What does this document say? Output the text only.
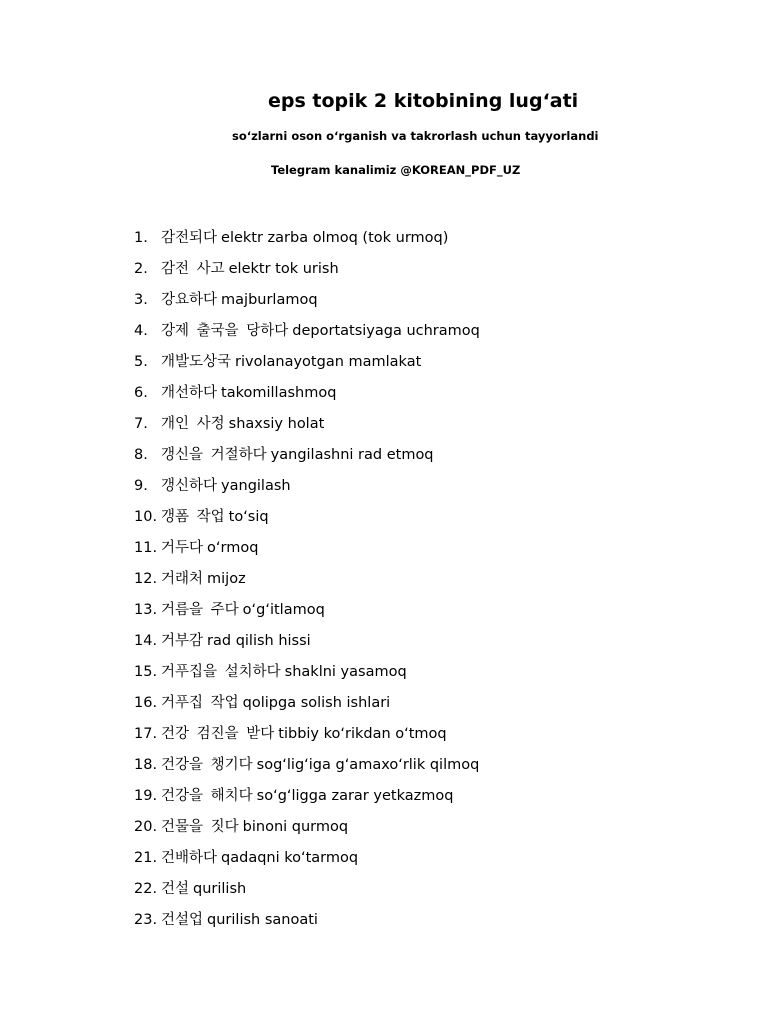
eps topik 2 kitobining lug‘ati
so‘zlarni oson o‘rganish va takrorlash uchun tayyorlandi
Telegram kanalimiz @KOREAN_PDF_UZ
1. 감전되다 elektr zarba olmoq (tok urmoq)
2. 감전 사고 elektr tok urish
3. 강요하다 majburlamoq
4. 강제 출국을 당하다 deportatsiyaga uchramoq
5. 개발도상국 rivolanayotgan mamlakat
6. 개선하다 takomillashmoq
7. 개인 사정 shaxsiy holat
8. 갱신을 거절하다 yangilashni rad etmoq
9. 갱신하다 yangilash
10. 갱폼 작업 to‘siq
11. 거두다 o‘rmoq
12. 거래처 mijoz
13. 거름을 주다 o‘g‘itlamoq
14. 거부감 rad qilish hissi
15. 거푸집을 설치하다 shaklni yasamoq
16. 거푸집 작업 qolipga solish ishlari
17. 건강 검진을 받다 tibbiy ko‘rikdan o‘tmoq
18. 건강을 챙기다 sog‘lig‘iga g‘amaxo‘rlik qilmoq
19. 건강을 해치다 so‘g‘ligga zarar yetkazmoq
20. 건물을 짓다 binoni qurmoq
21. 건배하다 qadaqni ko‘tarmoq
22. 건설 qurilish
23. 건설업 qurilish sanoati
